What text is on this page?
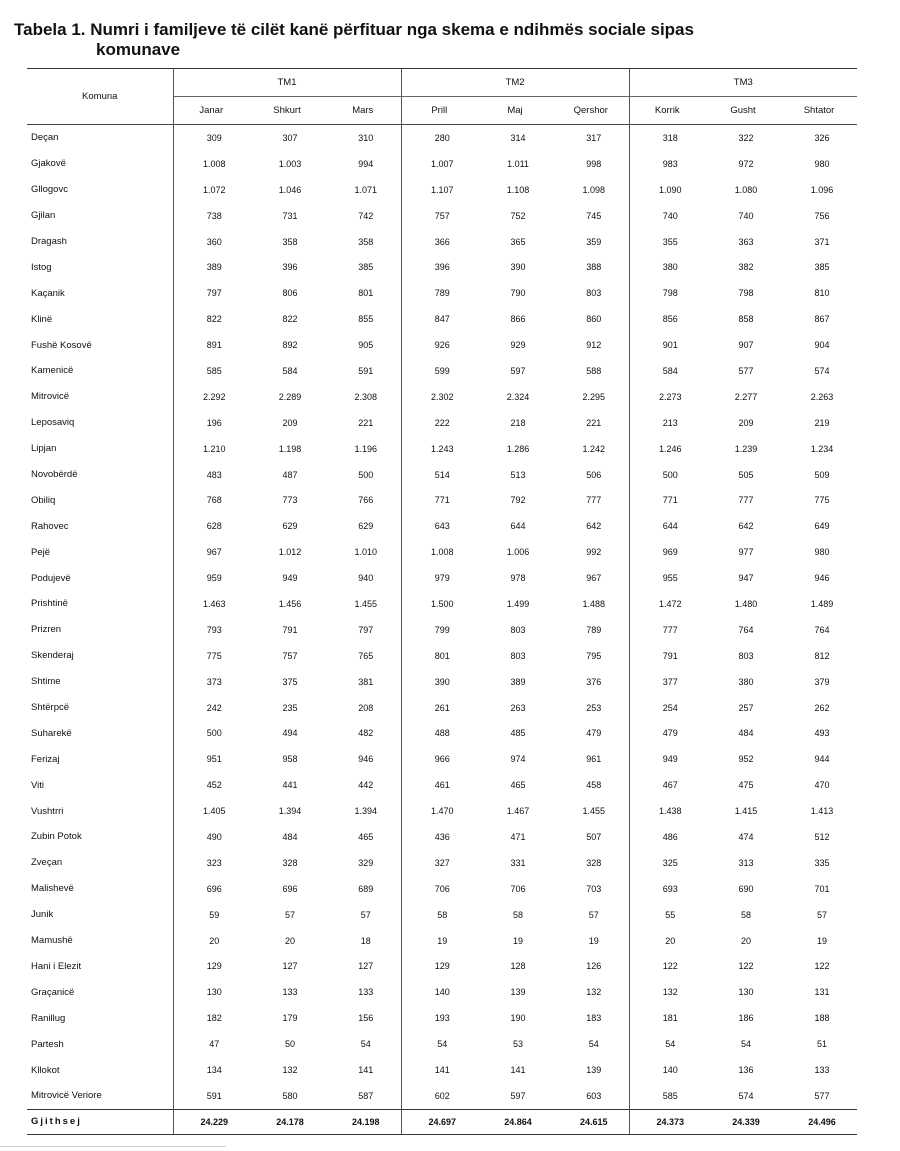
Tabela 1. Numri i familjeve të cilët kanë përfituar nga skema e ndihmës sociale sipas
komunave
Komuna	TM1			TM2			TM3		
	Janar	Shkurt	Mars	Prill	Maj	Qershor	Korrik	Gusht	Shtator
Deçan	309	307	310	280	314	317	318	322	326
Gjakovë	1.008	1.003	994	1.007	1.011	998	983	972	980
Gllogovc	1.072	1.046	1.071	1.107	1.108	1.098	1.090	1.080	1.096
Gjilan	738	731	742	757	752	745	740	740	756
Dragash	360	358	358	366	365	359	355	363	371
Istog	389	396	385	396	390	388	380	382	385
Kaçanik	797	806	801	789	790	803	798	798	810
Klinë	822	822	855	847	866	860	856	858	867
Fushë Kosovë	891	892	905	926	929	912	901	907	904
Kamenicë	585	584	591	599	597	588	584	577	574
Mitrovicë	2.292	2.289	2.308	2.302	2.324	2.295	2.273	2.277	2.263
Leposaviq	196	209	221	222	218	221	213	209	219
Lipjan	1.210	1.198	1.196	1.243	1.286	1.242	1.246	1.239	1.234
Novobërdë	483	487	500	514	513	506	500	505	509
Obiliq	768	773	766	771	792	777	771	777	775
Rahovec	628	629	629	643	644	642	644	642	649
Pejë	967	1.012	1.010	1.008	1.006	992	969	977	980
Podujevë	959	949	940	979	978	967	955	947	946
Prishtinë	1.463	1.456	1.455	1.500	1.499	1.488	1.472	1.480	1.489
Prizren	793	791	797	799	803	789	777	764	764
Skenderaj	775	757	765	801	803	795	791	803	812
Shtime	373	375	381	390	389	376	377	380	379
Shtërpcë	242	235	208	261	263	253	254	257	262
Suharekë	500	494	482	488	485	479	479	484	493
Ferizaj	951	958	946	966	974	961	949	952	944
Viti	452	441	442	461	465	458	467	475	470
Vushtrri	1.405	1.394	1.394	1.470	1.467	1.455	1.438	1.415	1.413
Zubin Potok	490	484	465	436	471	507	486	474	512
Zveçan	323	328	329	327	331	328	325	313	335
Malishevë	696	696	689	706	706	703	693	690	701
Junik	59	57	57	58	58	57	55	58	57
Mamushë	20	20	18	19	19	19	20	20	19
Hani i Elezit	129	127	127	129	128	126	122	122	122
Graçanicë	130	133	133	140	139	132	132	130	131
Ranillug	182	179	156	193	190	183	181	186	188
Partesh	47	50	54	54	53	54	54	54	51
Kllokot	134	132	141	141	141	139	140	136	133
Mitrovicë Veriore	591	580	587	602	597	603	585	574	577
Gjithsej	24.229	24.178	24.198	24.697	24.864	24.615	24.373	24.339	24.496
